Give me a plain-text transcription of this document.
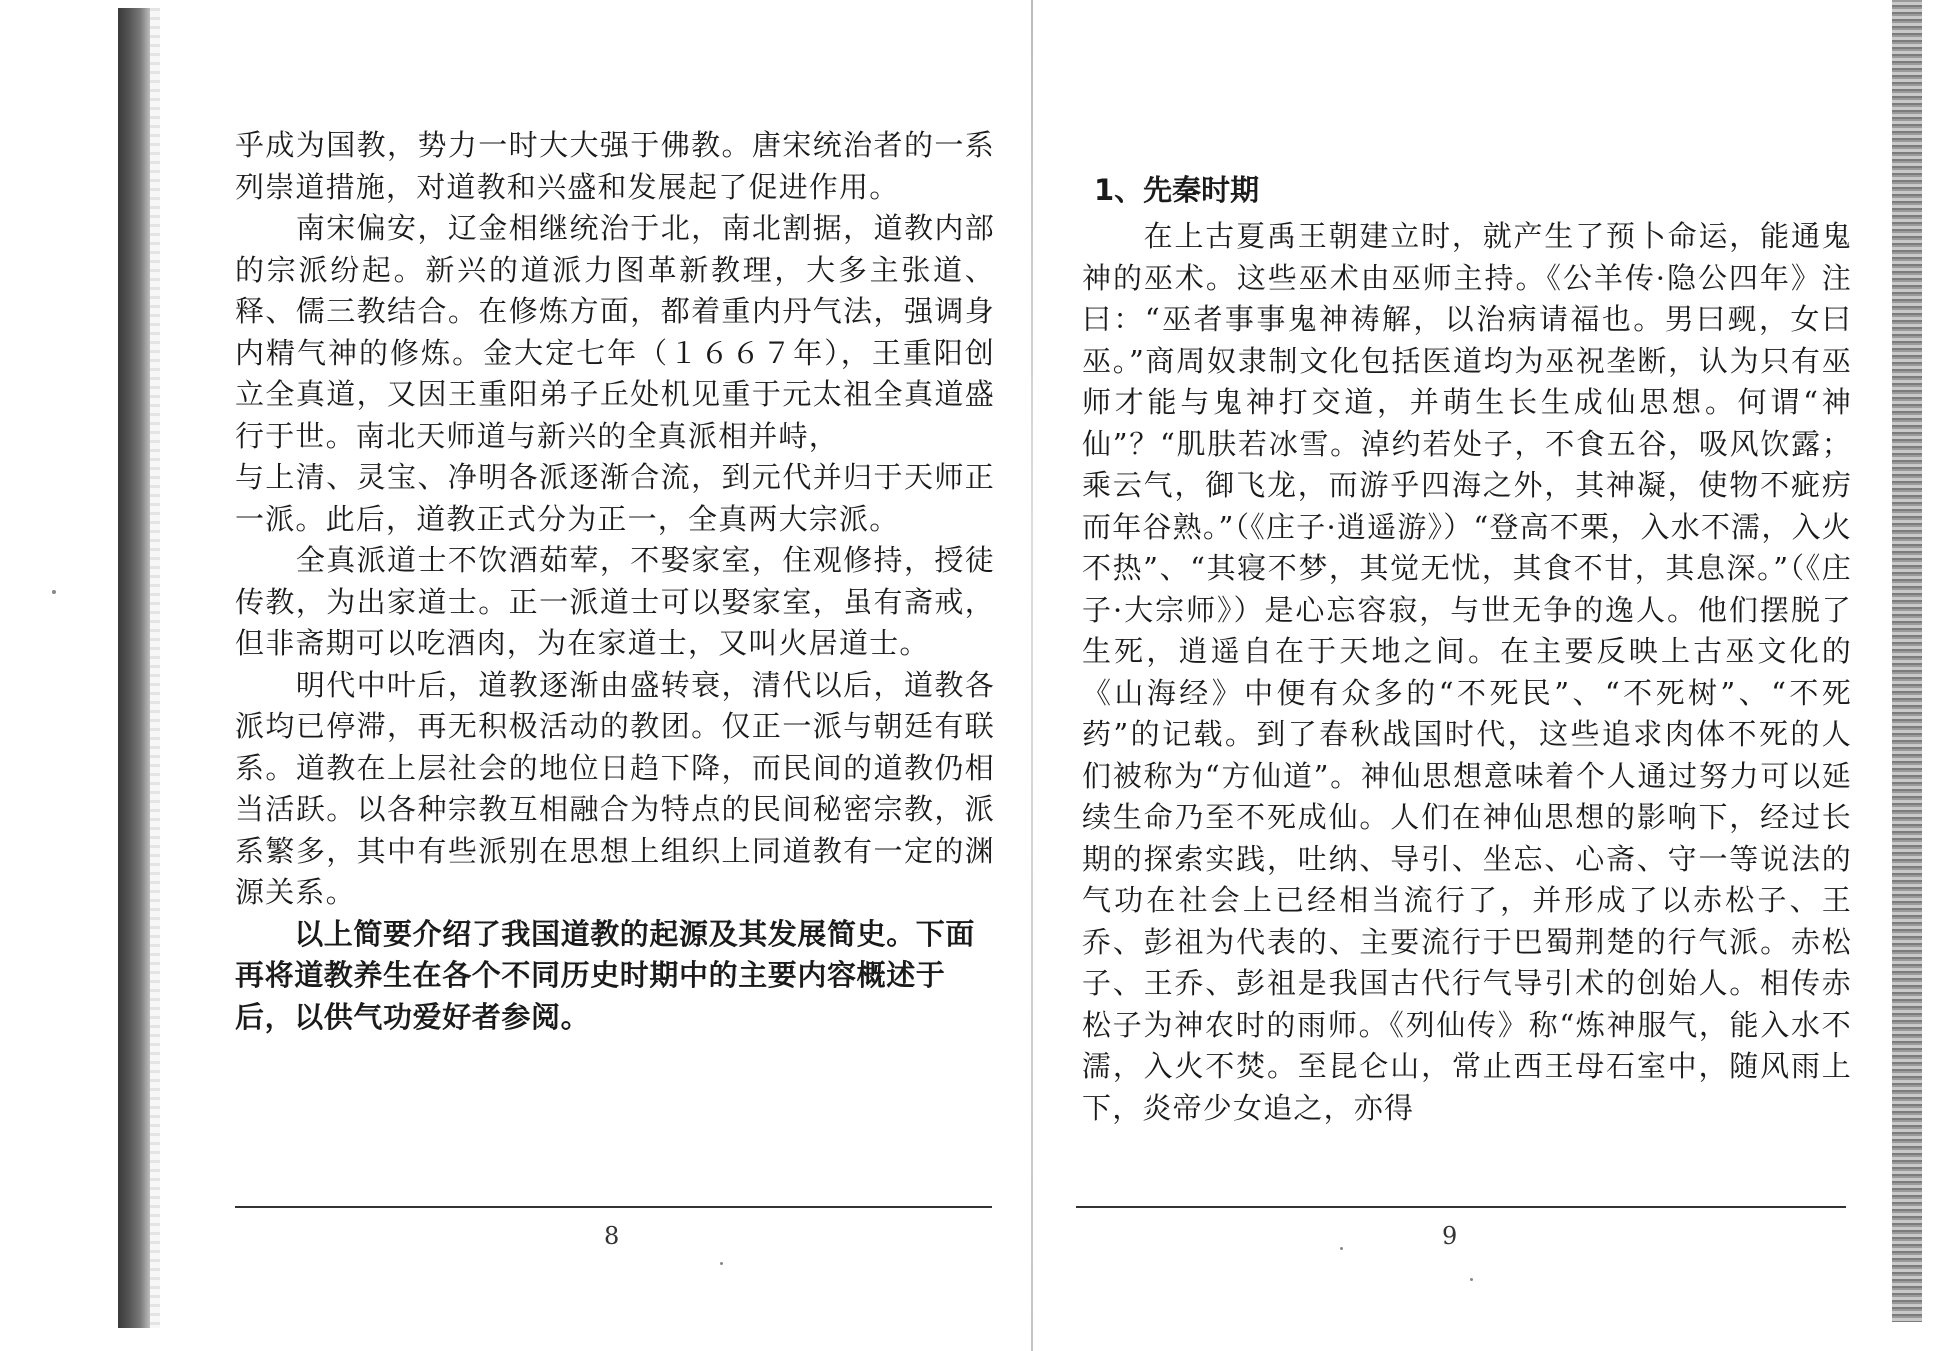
乎成为国教，势力一时大大强于佛教。唐宋统治者的一系列崇道措施，对道教和兴盛和发展起了促进作用。

　　南宋偏安，辽金相继统治于北，南北割据，道教内部的宗派纷起。新兴的道派力图革新教理，大多主张道、释、儒三教结合。在修炼方面，都着重内丹气法，强调身内精气神的修炼。金大定七年（１６６７年），王重阳创立全真道，又因王重阳弟子丘处机见重于元太祖全真道盛行于世。南北天师道与新兴的全真派相并峙，

与上清、灵宝、净明各派逐渐合流，到元代并归于天师正一派。此后，道教正式分为正一，全真两大宗派。

　　全真派道士不饮酒茹荤，不娶家室，住观修持，授徒传教，为出家道士。正一派道士可以娶家室，虽有斋戒，但非斋期可以吃酒肉，为在家道士，又叫火居道士。

　　明代中叶后，道教逐渐由盛转衰，清代以后，道教各派均已停滞，再无积极活动的教团。仅正一派与朝廷有联系。道教在上层社会的地位日趋下降，而民间的道教仍相当活跃。以各种宗教互相融合为特点的民间秘密宗教，派系繁多，其中有些派别在思想上组织上同道教有一定的渊源关系。

　　以上简要介绍了我国道教的起源及其发展简史。下面再将道教养生在各个不同历史时期中的主要内容概述于后，以供气功爱好者参阅。

8
1、先秦时期

　　在上古夏禹王朝建立时，就产生了预卜命运，能通鬼神的巫术。这些巫术由巫师主持。《公羊传·隐公四年》注曰：“巫者事事鬼神祷解，以治病请福也。男曰觋，女曰巫。”商周奴隶制文化包括医道均为巫祝垄断，认为只有巫师才能与鬼神打交道，并萌生长生成仙思想。何谓“神仙”？“肌肤若冰雪。淖约若处子，不食五谷，吸风饮露；乘云气，御飞龙，而游乎四海之外，其神凝，使物不疵疠而年谷熟。”（《庄子·逍遥游》）“登高不栗，入水不濡，入火不热”、“其寝不梦，其觉无忧，其食不甘，其息深。”（《庄子·大宗师》）是心忘容寂，与世无争的逸人。他们摆脱了生死，逍遥自在于天地之间。在主要反映上古巫文化的《山海经》中便有众多的“不死民”、“不死树”、“不死药”的记载。到了春秋战国时代，这些追求肉体不死的人们被称为“方仙道”。神仙思想意味着个人通过努力可以延续生命乃至不死成仙。人们在神仙思想的影响下，经过长期的探索实践，吐纳、导引、坐忘、心斋、守一等说法的气功在社会上已经相当流行了，并形成了以赤松子、王乔、彭祖为代表的、主要流行于巴蜀荆楚的行气派。赤松子、王乔、彭祖是我国古代行气导引术的创始人。相传赤松子为神农时的雨师。《列仙传》称“炼神服气，能入水不濡，入火不焚。至昆仑山，常止西王母石室中，随风雨上下，炎帝少女追之，亦得

9
